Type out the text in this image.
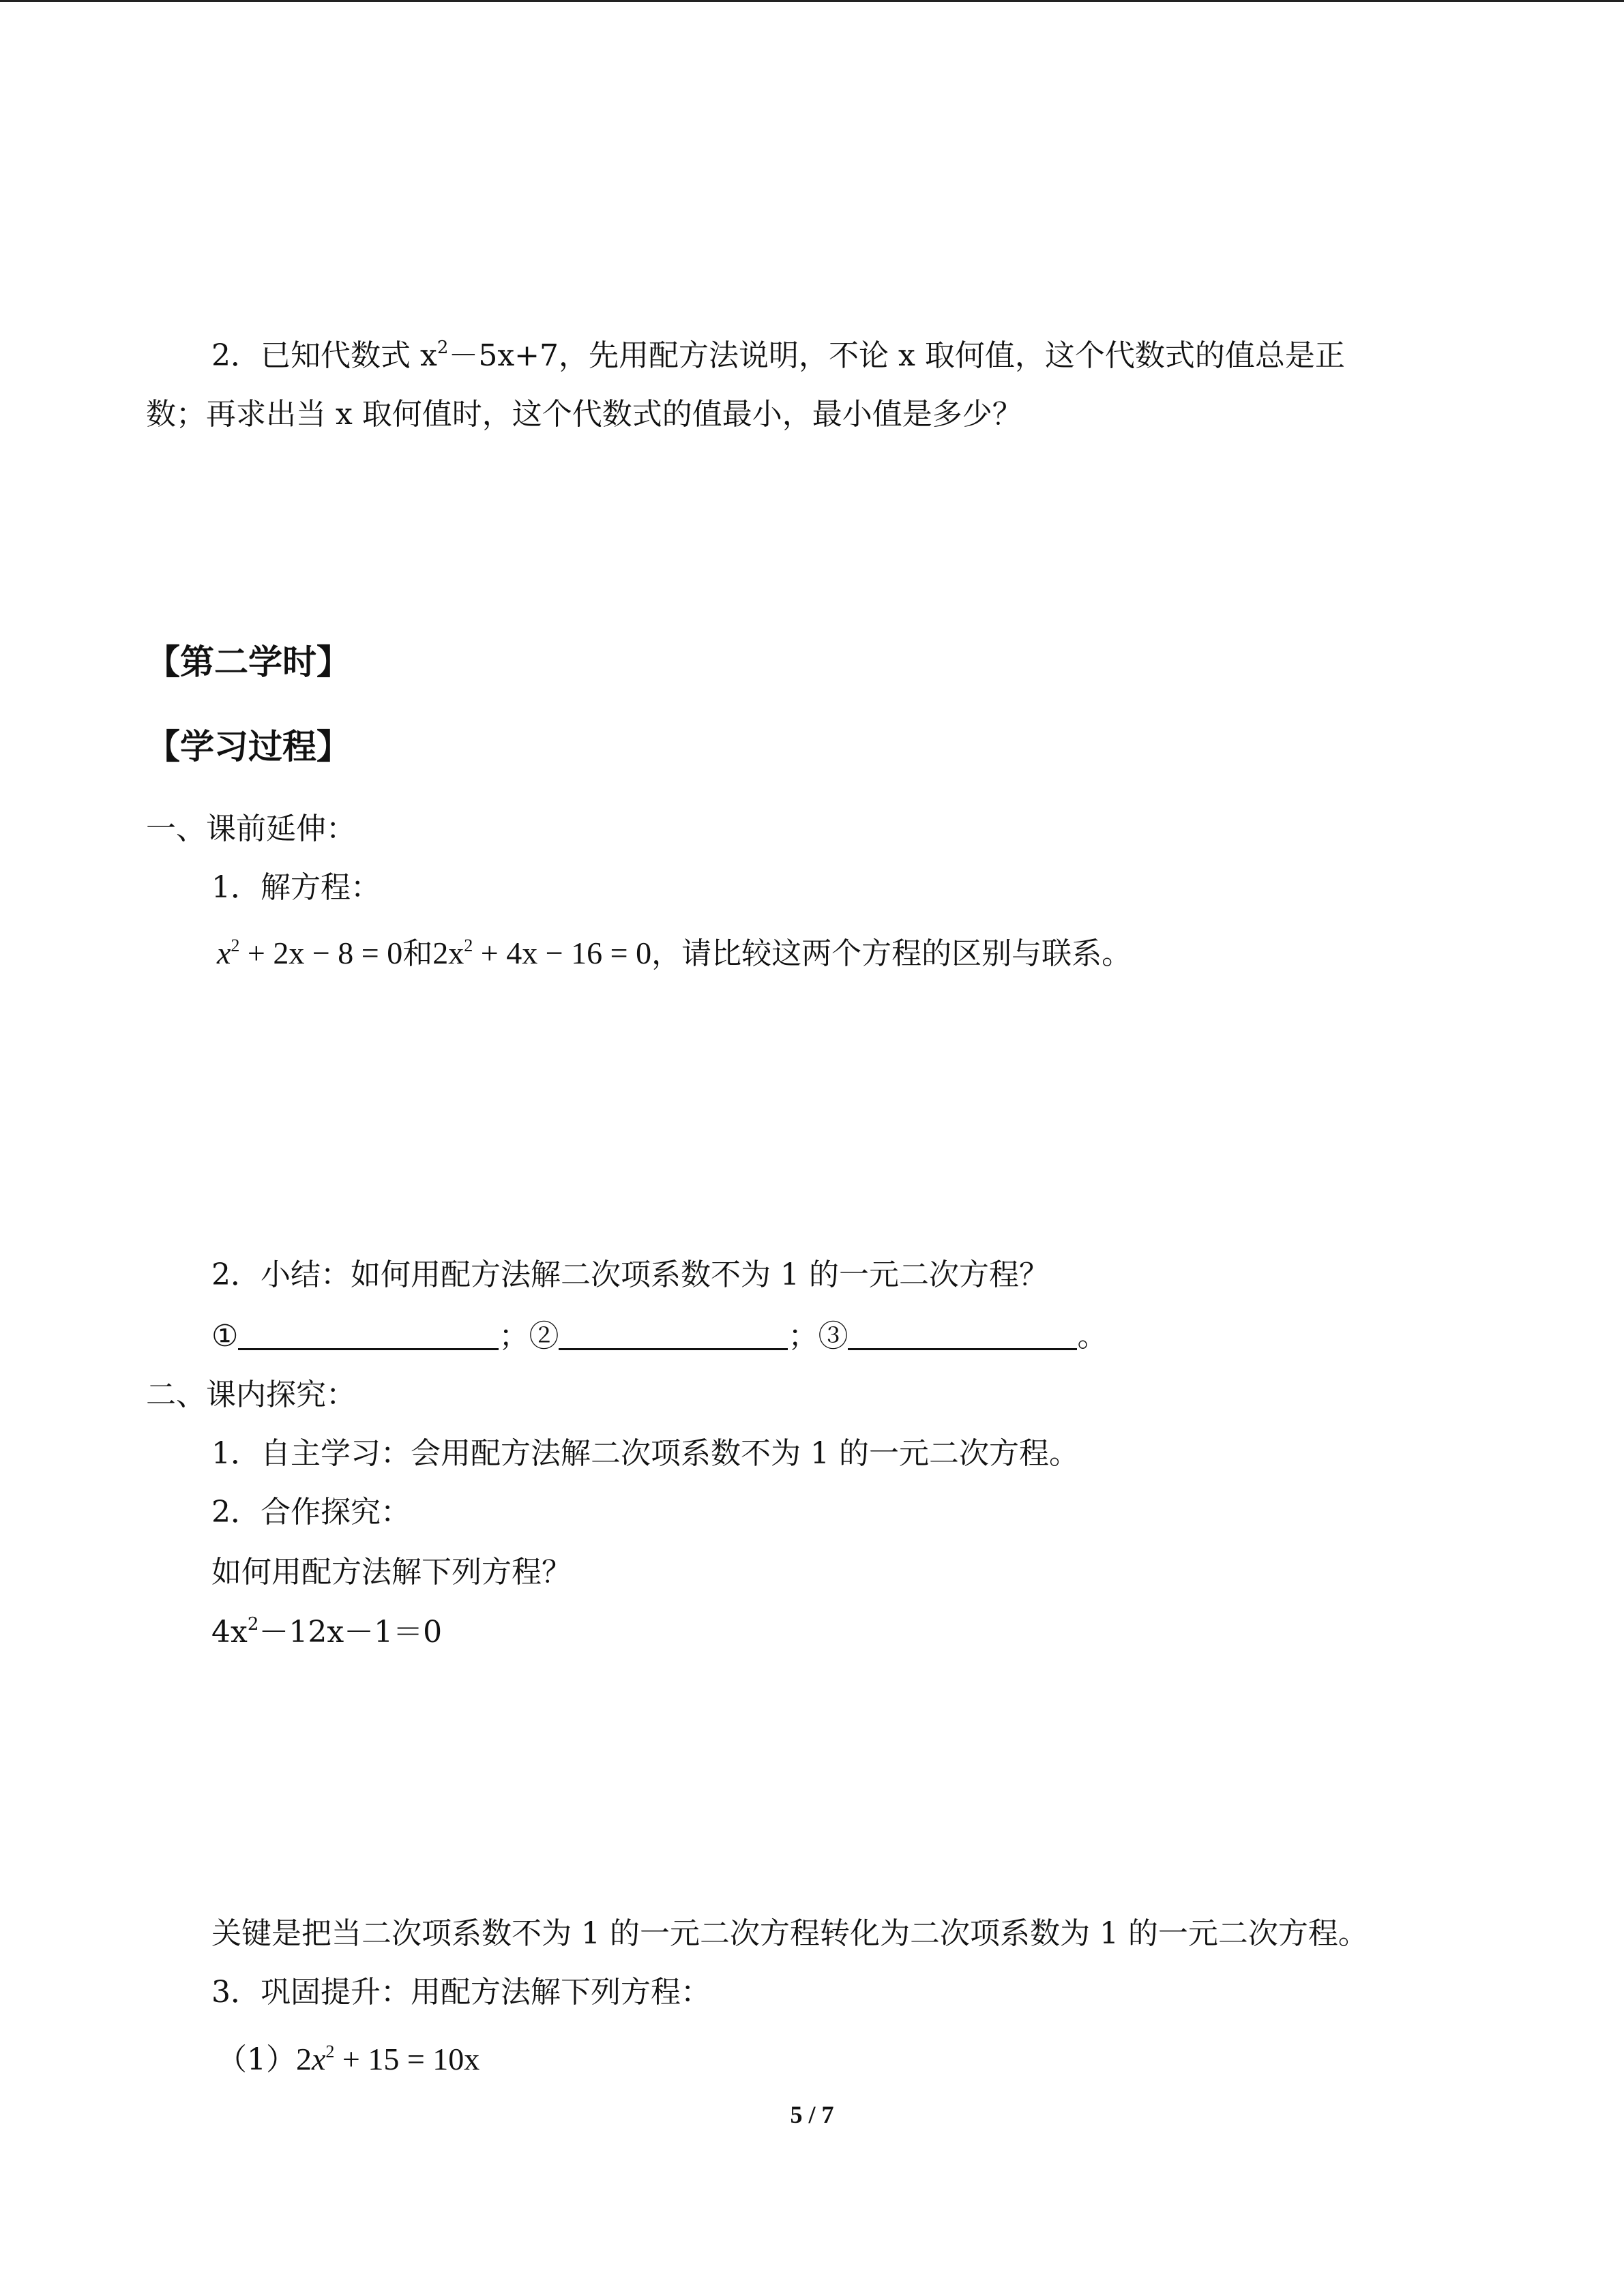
2．已知代数式 $x^2-5x+7$，先用配方法说明，不论 x 取何值，这个代数式的值总是正
数；再求出当 x 取何值时，这个代数式的值最小，最小值是多少？
【第二学时】
【学习过程】
一、课前延伸：
1．解方程：
$x^2 + 2x - 8 = 0$和$2x^2 + 4x - 16 = 0$，请比较这两个方程的区别与联系。
2．小结：如何用配方法解二次项系数不为 1 的一元二次方程？
①	；②	；③	。
二、课内探究：
1．自主学习：会用配方法解二次项系数不为 1 的一元二次方程。
2．合作探究：
如何用配方法解下列方程？
$4x^2-12x-1=0$
关键是把当二次项系数不为 1 的一元二次方程转化为二次项系数为 1 的一元二次方程。
3．巩固提升：用配方法解下列方程：
$(1)2x^2 + 15 = 10x$
5 / 7
